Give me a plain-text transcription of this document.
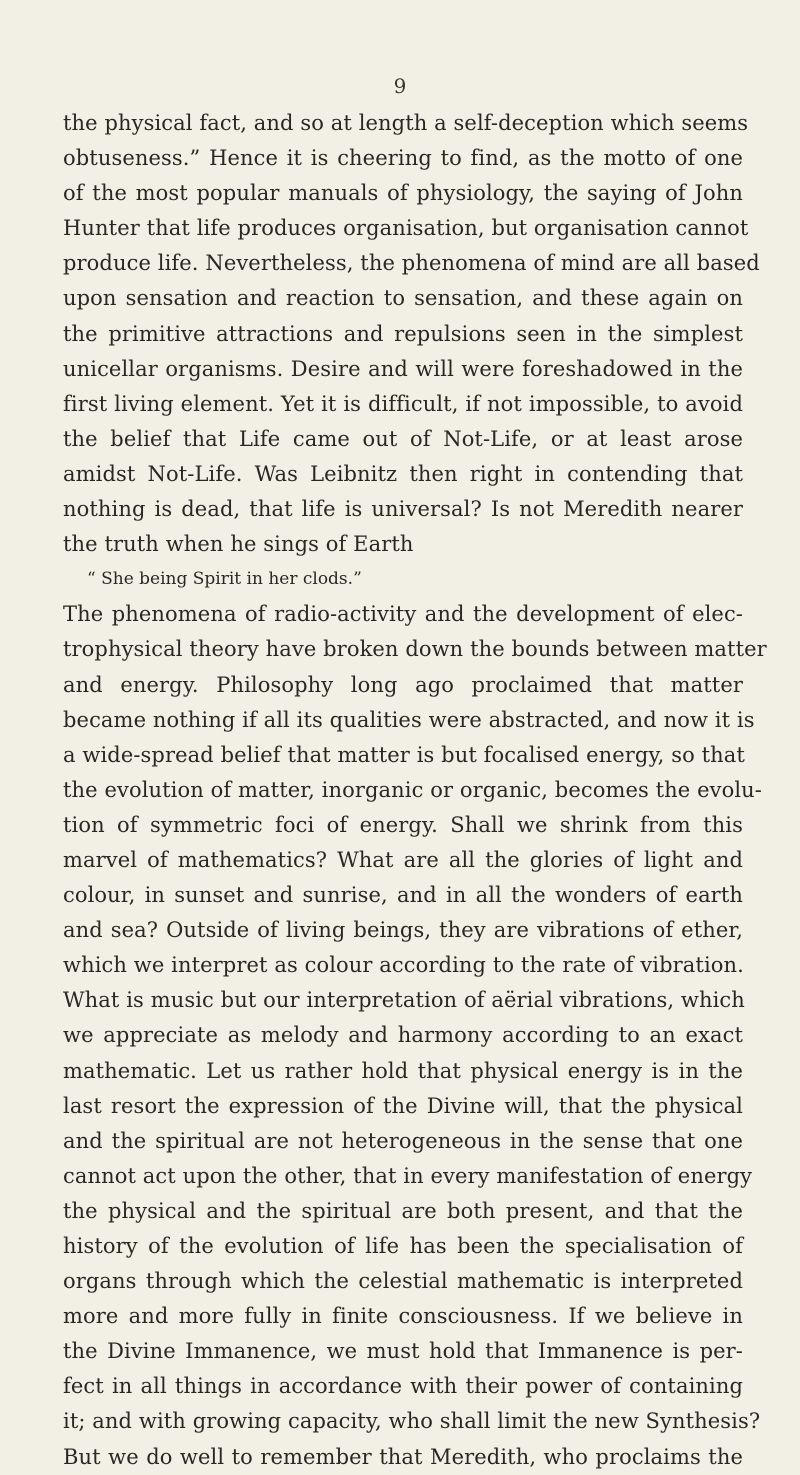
9
the physical fact, and so at length a self-deception which seems
obtuseness.” Hence it is cheering to find, as the motto of one
of the most popular manuals of physiology, the saying of John
Hunter that life produces organisation, but organisation cannot
produce life. Nevertheless, the phenomena of mind are all based
upon sensation and reaction to sensation, and these again on
the primitive attractions and repulsions seen in the simplest
unicellar organisms. Desire and will were foreshadowed in the
first living element. Yet it is difficult, if not impossible, to avoid
the belief that Life came out of Not-Life, or at least arose
amidst Not-Life. Was Leibnitz then right in contending that
nothing is dead, that life is universal? Is not Meredith nearer
the truth when he sings of Earth
“ She being Spirit in her clods.”
The phenomena of radio-activity and the development of elec-
trophysical theory have broken down the bounds between matter
and energy. Philosophy long ago proclaimed that matter
became nothing if all its qualities were abstracted, and now it is
a wide-spread belief that matter is but focalised energy, so that
the evolution of matter, inorganic or organic, becomes the evolu-
tion of symmetric foci of energy. Shall we shrink from this
marvel of mathematics? What are all the glories of light and
colour, in sunset and sunrise, and in all the wonders of earth
and sea? Outside of living beings, they are vibrations of ether,
which we interpret as colour according to the rate of vibration.
What is music but our interpretation of aërial vibrations, which
we appreciate as melody and harmony according to an exact
mathematic. Let us rather hold that physical energy is in the
last resort the expression of the Divine will, that the physical
and the spiritual are not heterogeneous in the sense that one
cannot act upon the other, that in every manifestation of energy
the physical and the spiritual are both present, and that the
history of the evolution of life has been the specialisation of
organs through which the celestial mathematic is interpreted
more and more fully in finite consciousness. If we believe in
the Divine Immanence, we must hold that Immanence is per-
fect in all things in accordance with their power of containing
it; and with growing capacity, who shall limit the new Synthesis?
But we do well to remember that Meredith, who proclaims the
